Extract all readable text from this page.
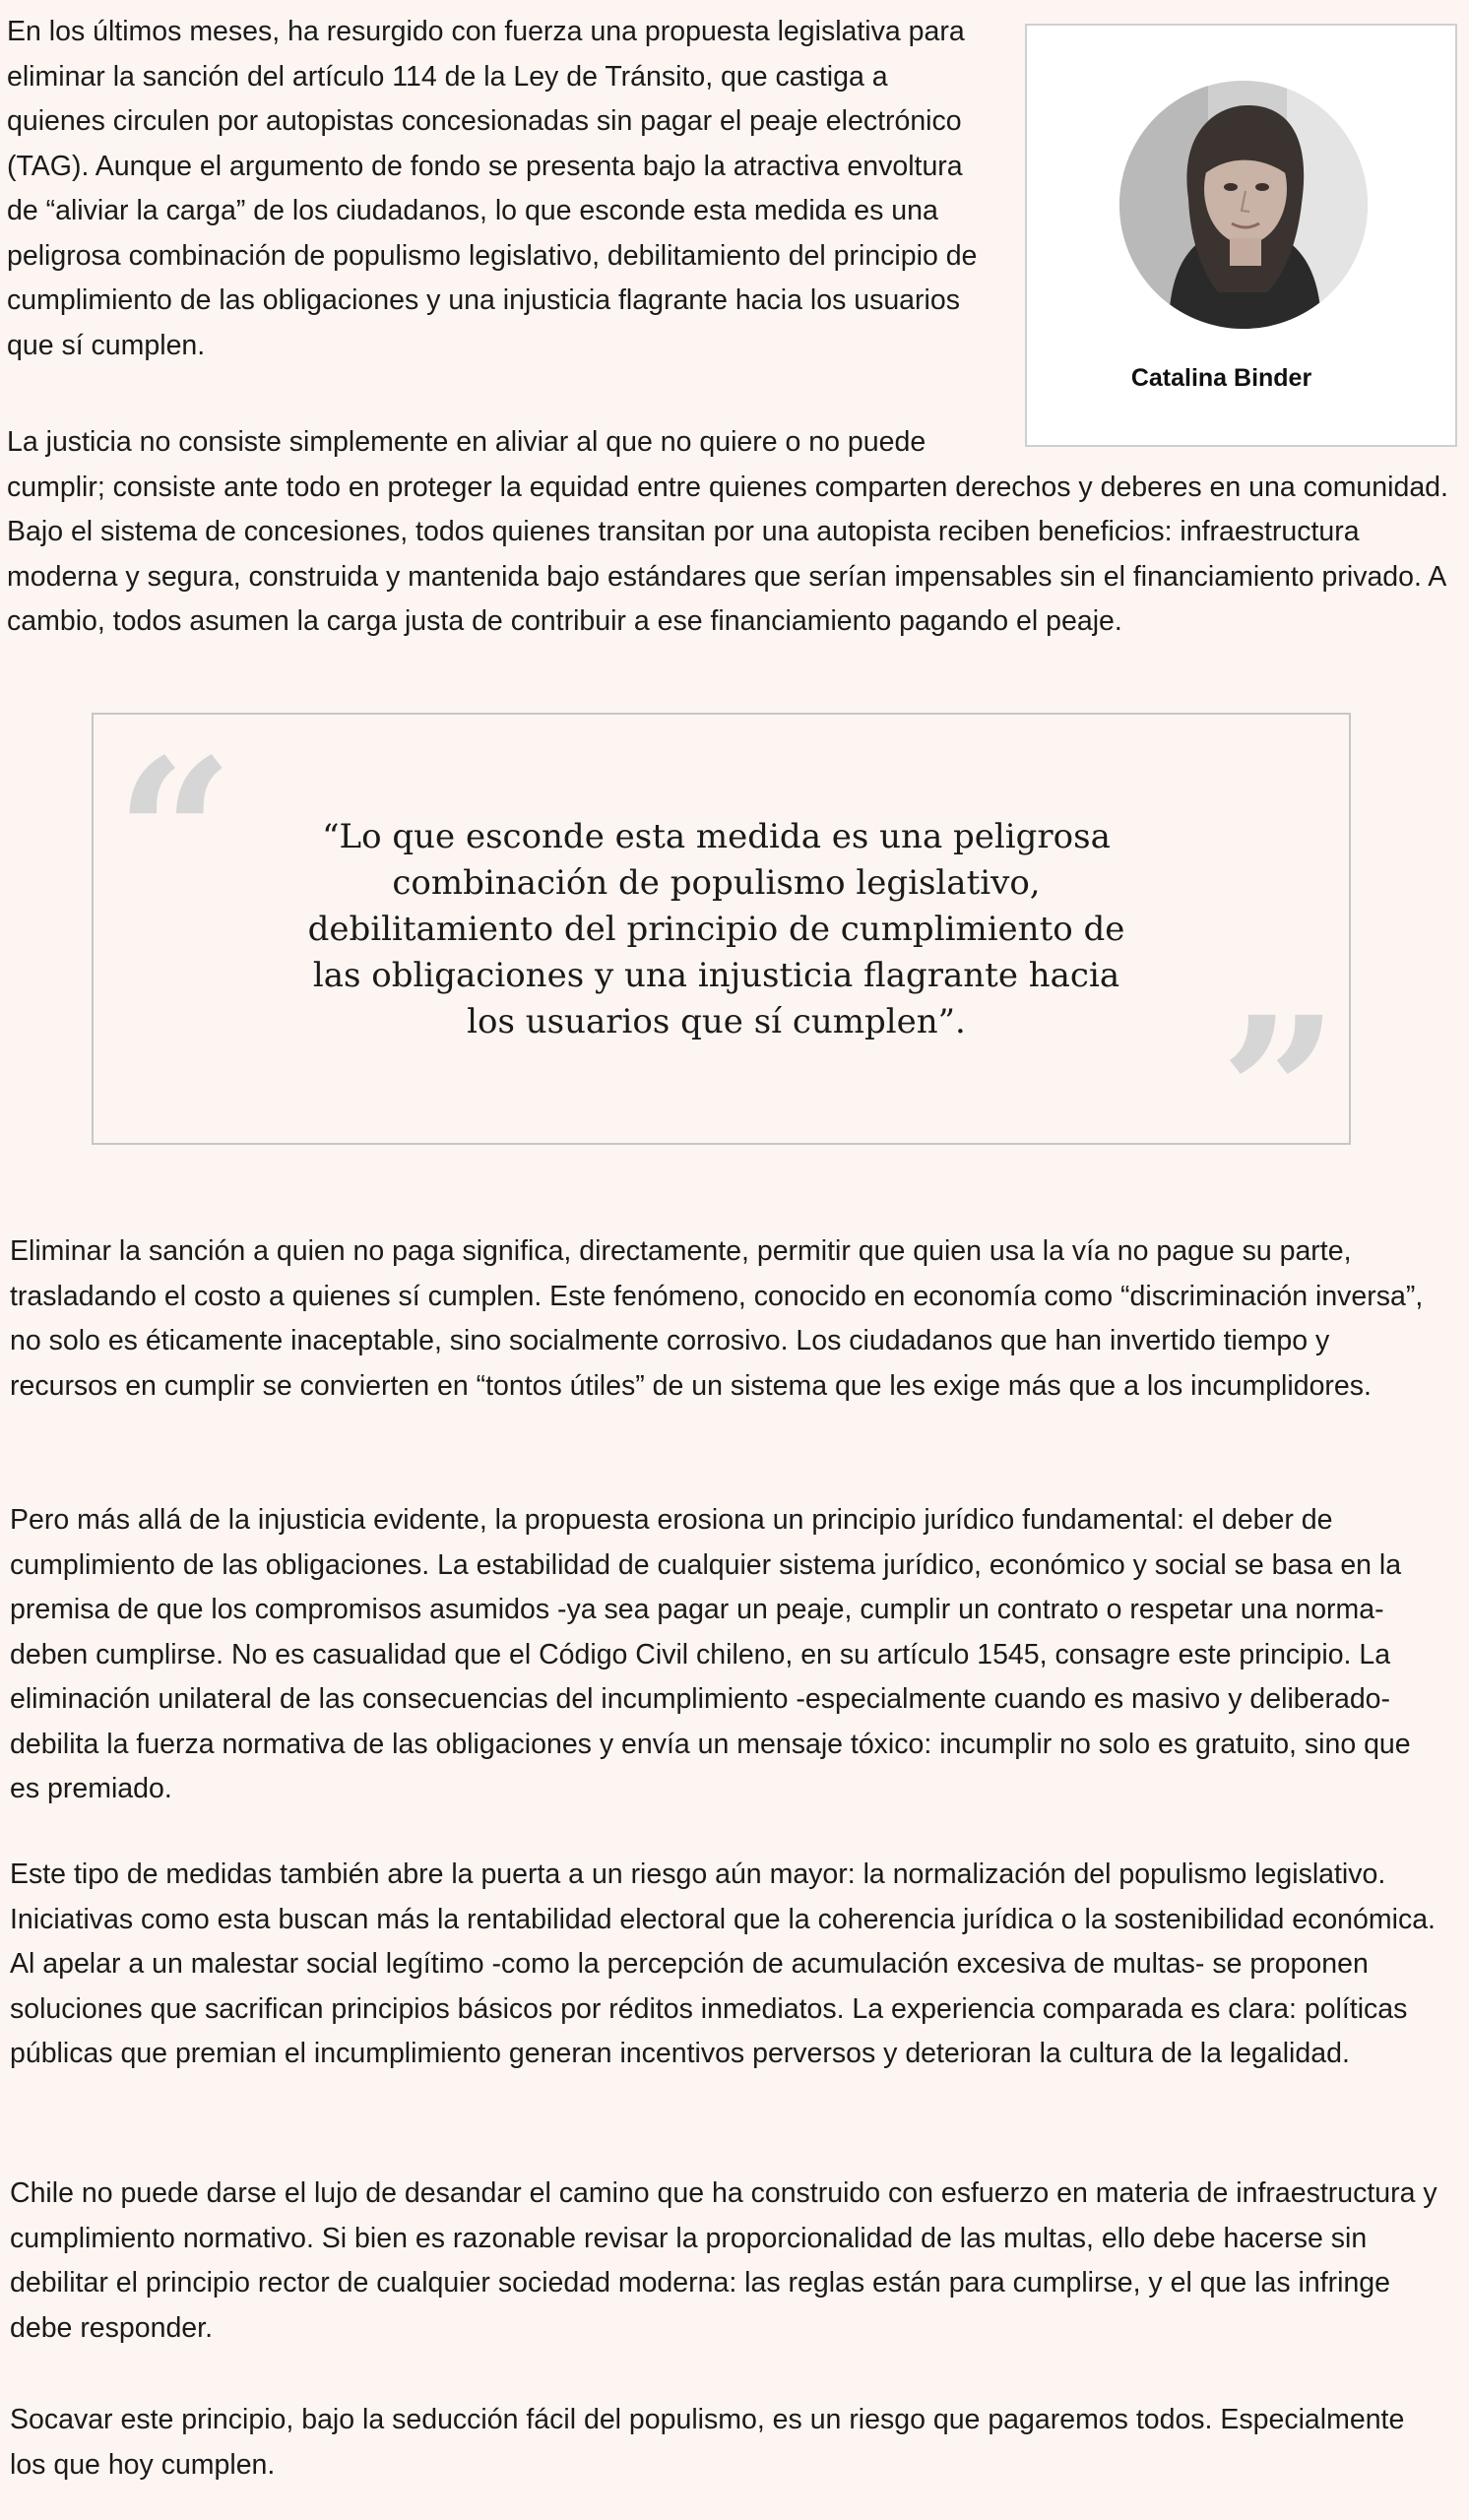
Catalina Binder

En los últimos meses, ha resurgido con fuerza una propuesta legislativa para eliminar la sanción del artículo 114 de la Ley de Tránsito, que castiga a quienes circulen por autopistas concesionadas sin pagar el peaje electrónico (TAG). Aunque el argumento de fondo se presenta bajo la atractiva envoltura de “aliviar la carga” de los ciudadanos, lo que esconde esta medida es una peligrosa combinación de populismo legislativo, debilitamiento del principio de cumplimiento de las obligaciones y una injusticia flagrante hacia los usuarios que sí cumplen.

La justicia no consiste simplemente en aliviar al que no quiere o no puede cumplir; consiste ante todo en proteger la equidad entre quienes comparten derechos y deberes en una comunidad. Bajo el sistema de concesiones, todos quienes transitan por una autopista reciben beneficios: infraestructura moderna y segura, construida y mantenida bajo estándares que serían impensables sin el financiamiento privado. A cambio, todos asumen la carga justa de contribuir a ese financiamiento pagando el peaje.

“	“Lo que esconde esta medida es una peligrosa combinación de populismo legislativo, debilitamiento del principio de cumplimiento de las obligaciones y una injusticia flagrante hacia los usuarios que sí cumplen”.	”

Eliminar la sanción a quien no paga significa, directamente, permitir que quien usa la vía no pague su parte, trasladando el costo a quienes sí cumplen. Este fenómeno, conocido en economía como “discriminación inversa”, no solo es éticamente inaceptable, sino socialmente corrosivo. Los ciudadanos que han invertido tiempo y recursos en cumplir se convierten en “tontos útiles” de un sistema que les exige más que a los incumplidores.

Pero más allá de la injusticia evidente, la propuesta erosiona un principio jurídico fundamental: el deber de cumplimiento de las obligaciones. La estabilidad de cualquier sistema jurídico, económico y social se basa en la premisa de que los compromisos asumidos -ya sea pagar un peaje, cumplir un contrato o respetar una norma- deben cumplirse. No es casualidad que el Código Civil chileno, en su artículo 1545, consagre este principio. La eliminación unilateral de las consecuencias del incumplimiento -especialmente cuando es masivo y deliberado- debilita la fuerza normativa de las obligaciones y envía un mensaje tóxico: incumplir no solo es gratuito, sino que es premiado.

Este tipo de medidas también abre la puerta a un riesgo aún mayor: la normalización del populismo legislativo. Iniciativas como esta buscan más la rentabilidad electoral que la coherencia jurídica o la sostenibilidad económica. Al apelar a un malestar social legítimo -como la percepción de acumulación excesiva de multas- se proponen soluciones que sacrifican principios básicos por réditos inmediatos. La experiencia comparada es clara: políticas públicas que premian el incumplimiento generan incentivos perversos y deterioran la cultura de la legalidad.

Chile no puede darse el lujo de desandar el camino que ha construido con esfuerzo en materia de infraestructura y cumplimiento normativo. Si bien es razonable revisar la proporcionalidad de las multas, ello debe hacerse sin debilitar el principio rector de cualquier sociedad moderna: las reglas están para cumplirse, y el que las infringe debe responder.

Socavar este principio, bajo la seducción fácil del populismo, es un riesgo que pagaremos todos. Especialmente los que hoy cumplen.
